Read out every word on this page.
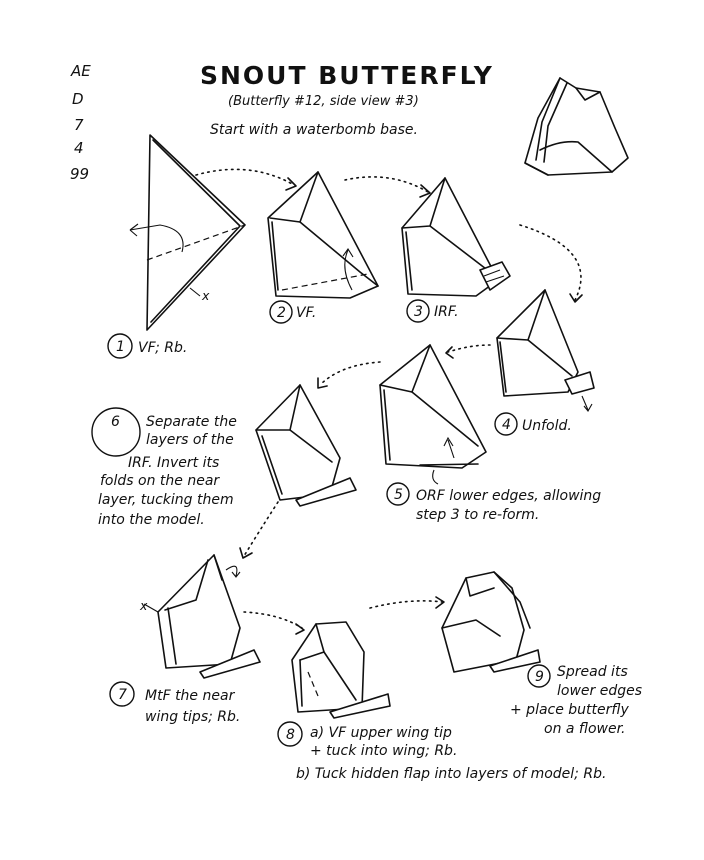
AE
D
7
4
99
SNOUT BUTTERFLY
(Butterfly #12, side view #3)
Start with a waterbomb base.
x
1 VF; Rb.
2 VF.	3 IRF.
4 Unfold.
5 ORF lower edges, allowing
step 3 to re-form.
6 Separate the
layers of the
IRF. Invert its
folds on the near
layer, tucking them
into the model.
x
7 MtF the near
wing tips; Rb.
8 a) VF upper wing tip
+ tuck into wing; Rb.
b) Tuck hidden flap into layers of model; Rb.
9 Spread its
lower edges
+ place butterfly
on a flower.
